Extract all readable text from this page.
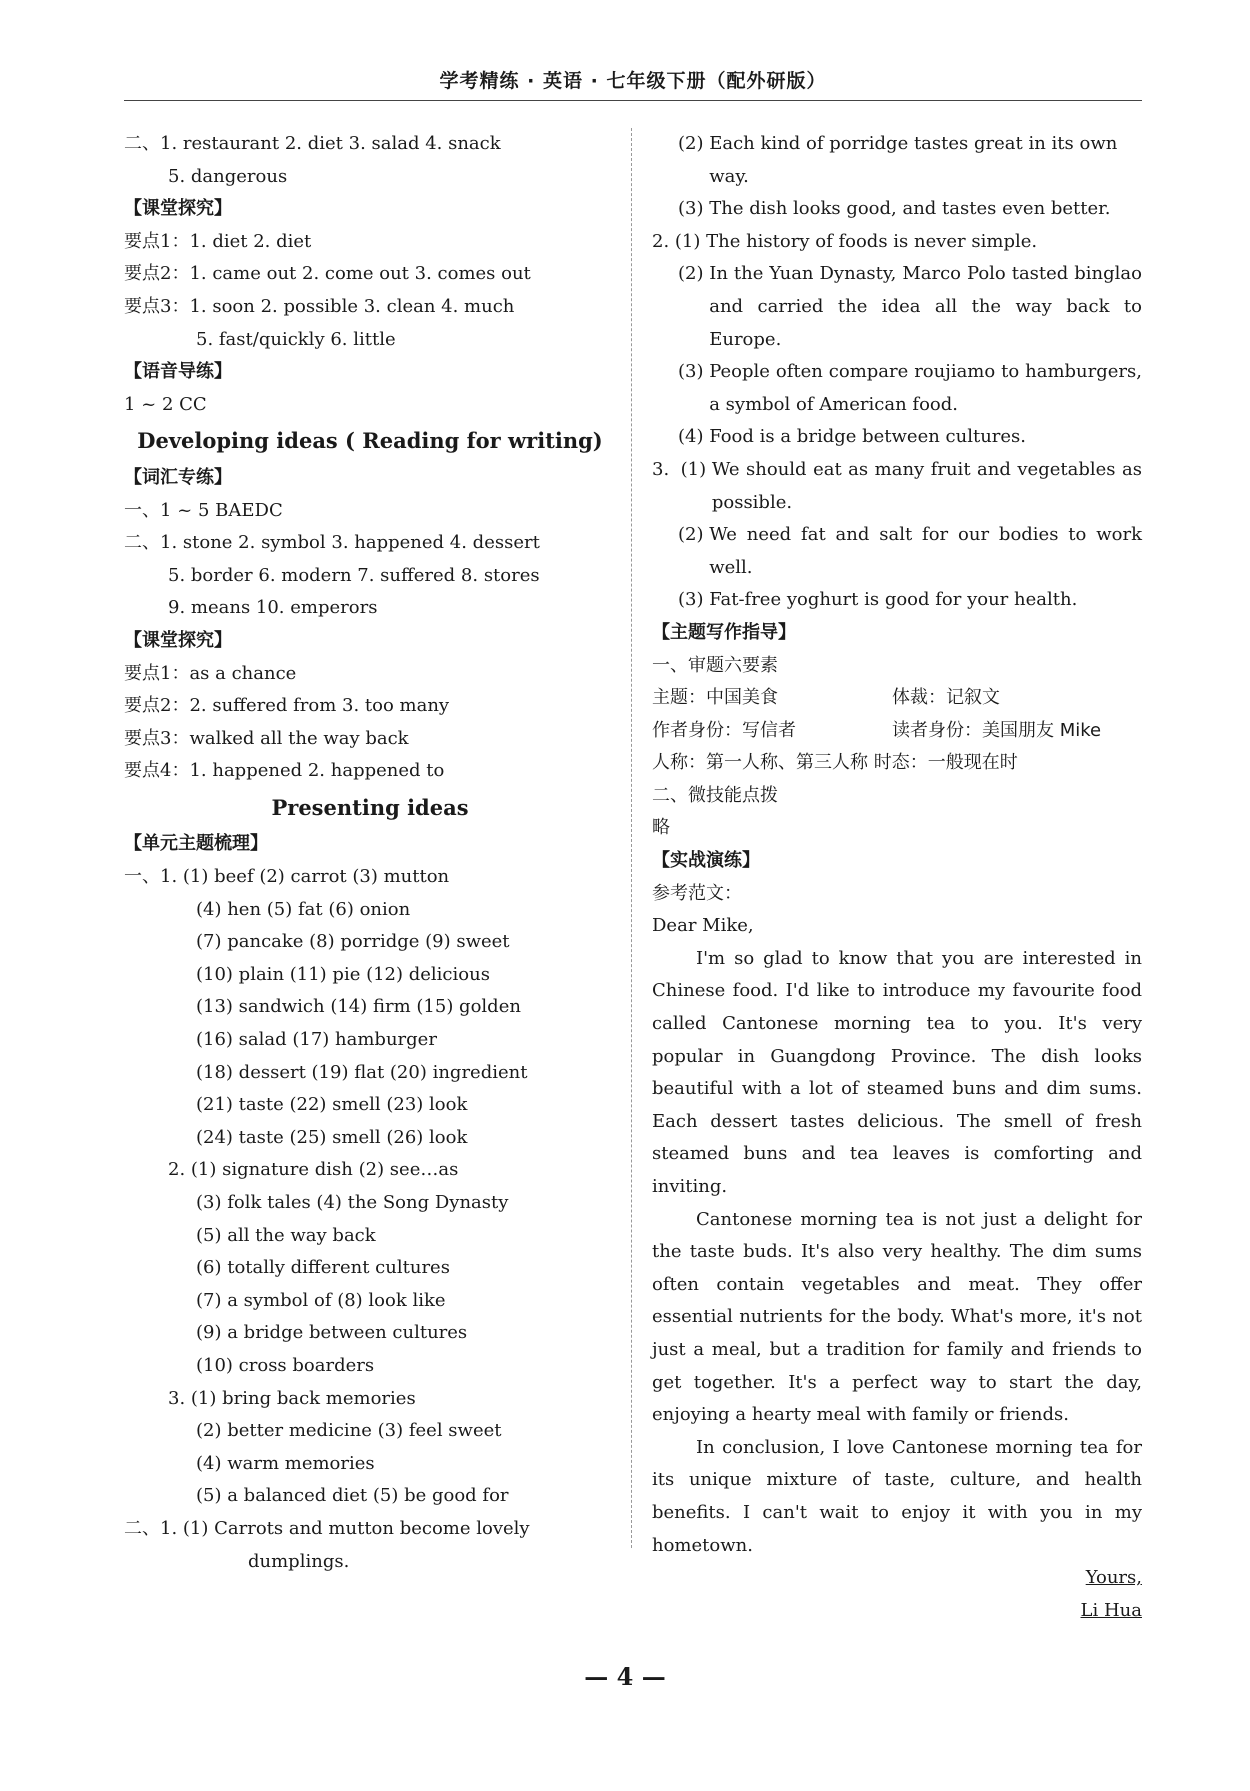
学考精练 · 英语 · 七年级下册（配外研版）
二、1. restaurant 2. diet 3. salad 4. snack
5. dangerous
【课堂探究】
要点1：1. diet 2. diet
要点2：1. came out 2. come out 3. comes out
要点3：1. soon 2. possible 3. clean 4. much
5. fast/quickly 6. little
【语音导练】
1 ~ 2 CC
Developing ideas ( Reading for writing)
【词汇专练】
一、1 ~ 5 BAEDC
二、1. stone 2. symbol 3. happened 4. dessert
5. border 6. modern 7. suffered 8. stores
9. means 10. emperors
【课堂探究】
要点1：as a chance
要点2：2. suffered from 3. too many
要点3：walked all the way back
要点4：1. happened 2. happened to
Presenting ideas
【单元主题梳理】
一、1. (1) beef (2) carrot (3) mutton
(4) hen (5) fat (6) onion
(7) pancake (8) porridge (9) sweet
(10) plain (11) pie (12) delicious
(13) sandwich (14) firm (15) golden
(16) salad (17) hamburger
(18) dessert (19) flat (20) ingredient
(21) taste (22) smell (23) look
(24) taste (25) smell (26) look
2. (1) signature dish (2) see…as
(3) folk tales (4) the Song Dynasty
(5) all the way back
(6) totally different cultures
(7) a symbol of (8) look like
(9) a bridge between cultures
(10) cross boarders
3. (1) bring back memories
(2) better medicine (3) feel sweet
(4) warm memories
(5) a balanced diet (5) be good for
二、1. (1) Carrots and mutton become lovely
dumplings.
(2) Each kind of porridge tastes great in its own way.
(3) The dish looks good, and tastes even better.
2. (1) The history of foods is never simple.
(2) In the Yuan Dynasty, Marco Polo tasted binglao and carried the idea all the way back to Europe.
(3) People often compare roujiamo to hamburgers, a symbol of American food.
(4) Food is a bridge between cultures.
3.  (1) We should eat as many fruit and vegetables as possible.
(2) We need fat and salt for our bodies to work well.
(3) Fat-free yoghurt is good for your health.
【主题写作指导】
一、审题六要素
主题：中国美食	体裁：记叙文
作者身份：写信者	读者身份：美国朋友 Mike
人称：第一人称、第三人称 时态：一般现在时
二、微技能点拨
略
【实战演练】
参考范文：
Dear Mike,
I'm so glad to know that you are interested in Chinese food. I'd like to introduce my favourite food called Cantonese morning tea to you. It's very popular in Guangdong Province. The dish looks beautiful with a lot of steamed buns and dim sums. Each dessert tastes delicious. The smell of fresh steamed buns and tea leaves is comforting and inviting.
Cantonese morning tea is not just a delight for the taste buds. It's also very healthy. The dim sums often contain vegetables and meat. They offer essential nutrients for the body. What's more, it's not just a meal, but a tradition for family and friends to get together. It's a perfect way to start the day, enjoying a hearty meal with family or friends.
In conclusion, I love Cantonese morning tea for its unique mixture of taste, culture, and health benefits. I can't wait to enjoy it with you in my hometown.
Yours,
Li Hua
— 4 —
